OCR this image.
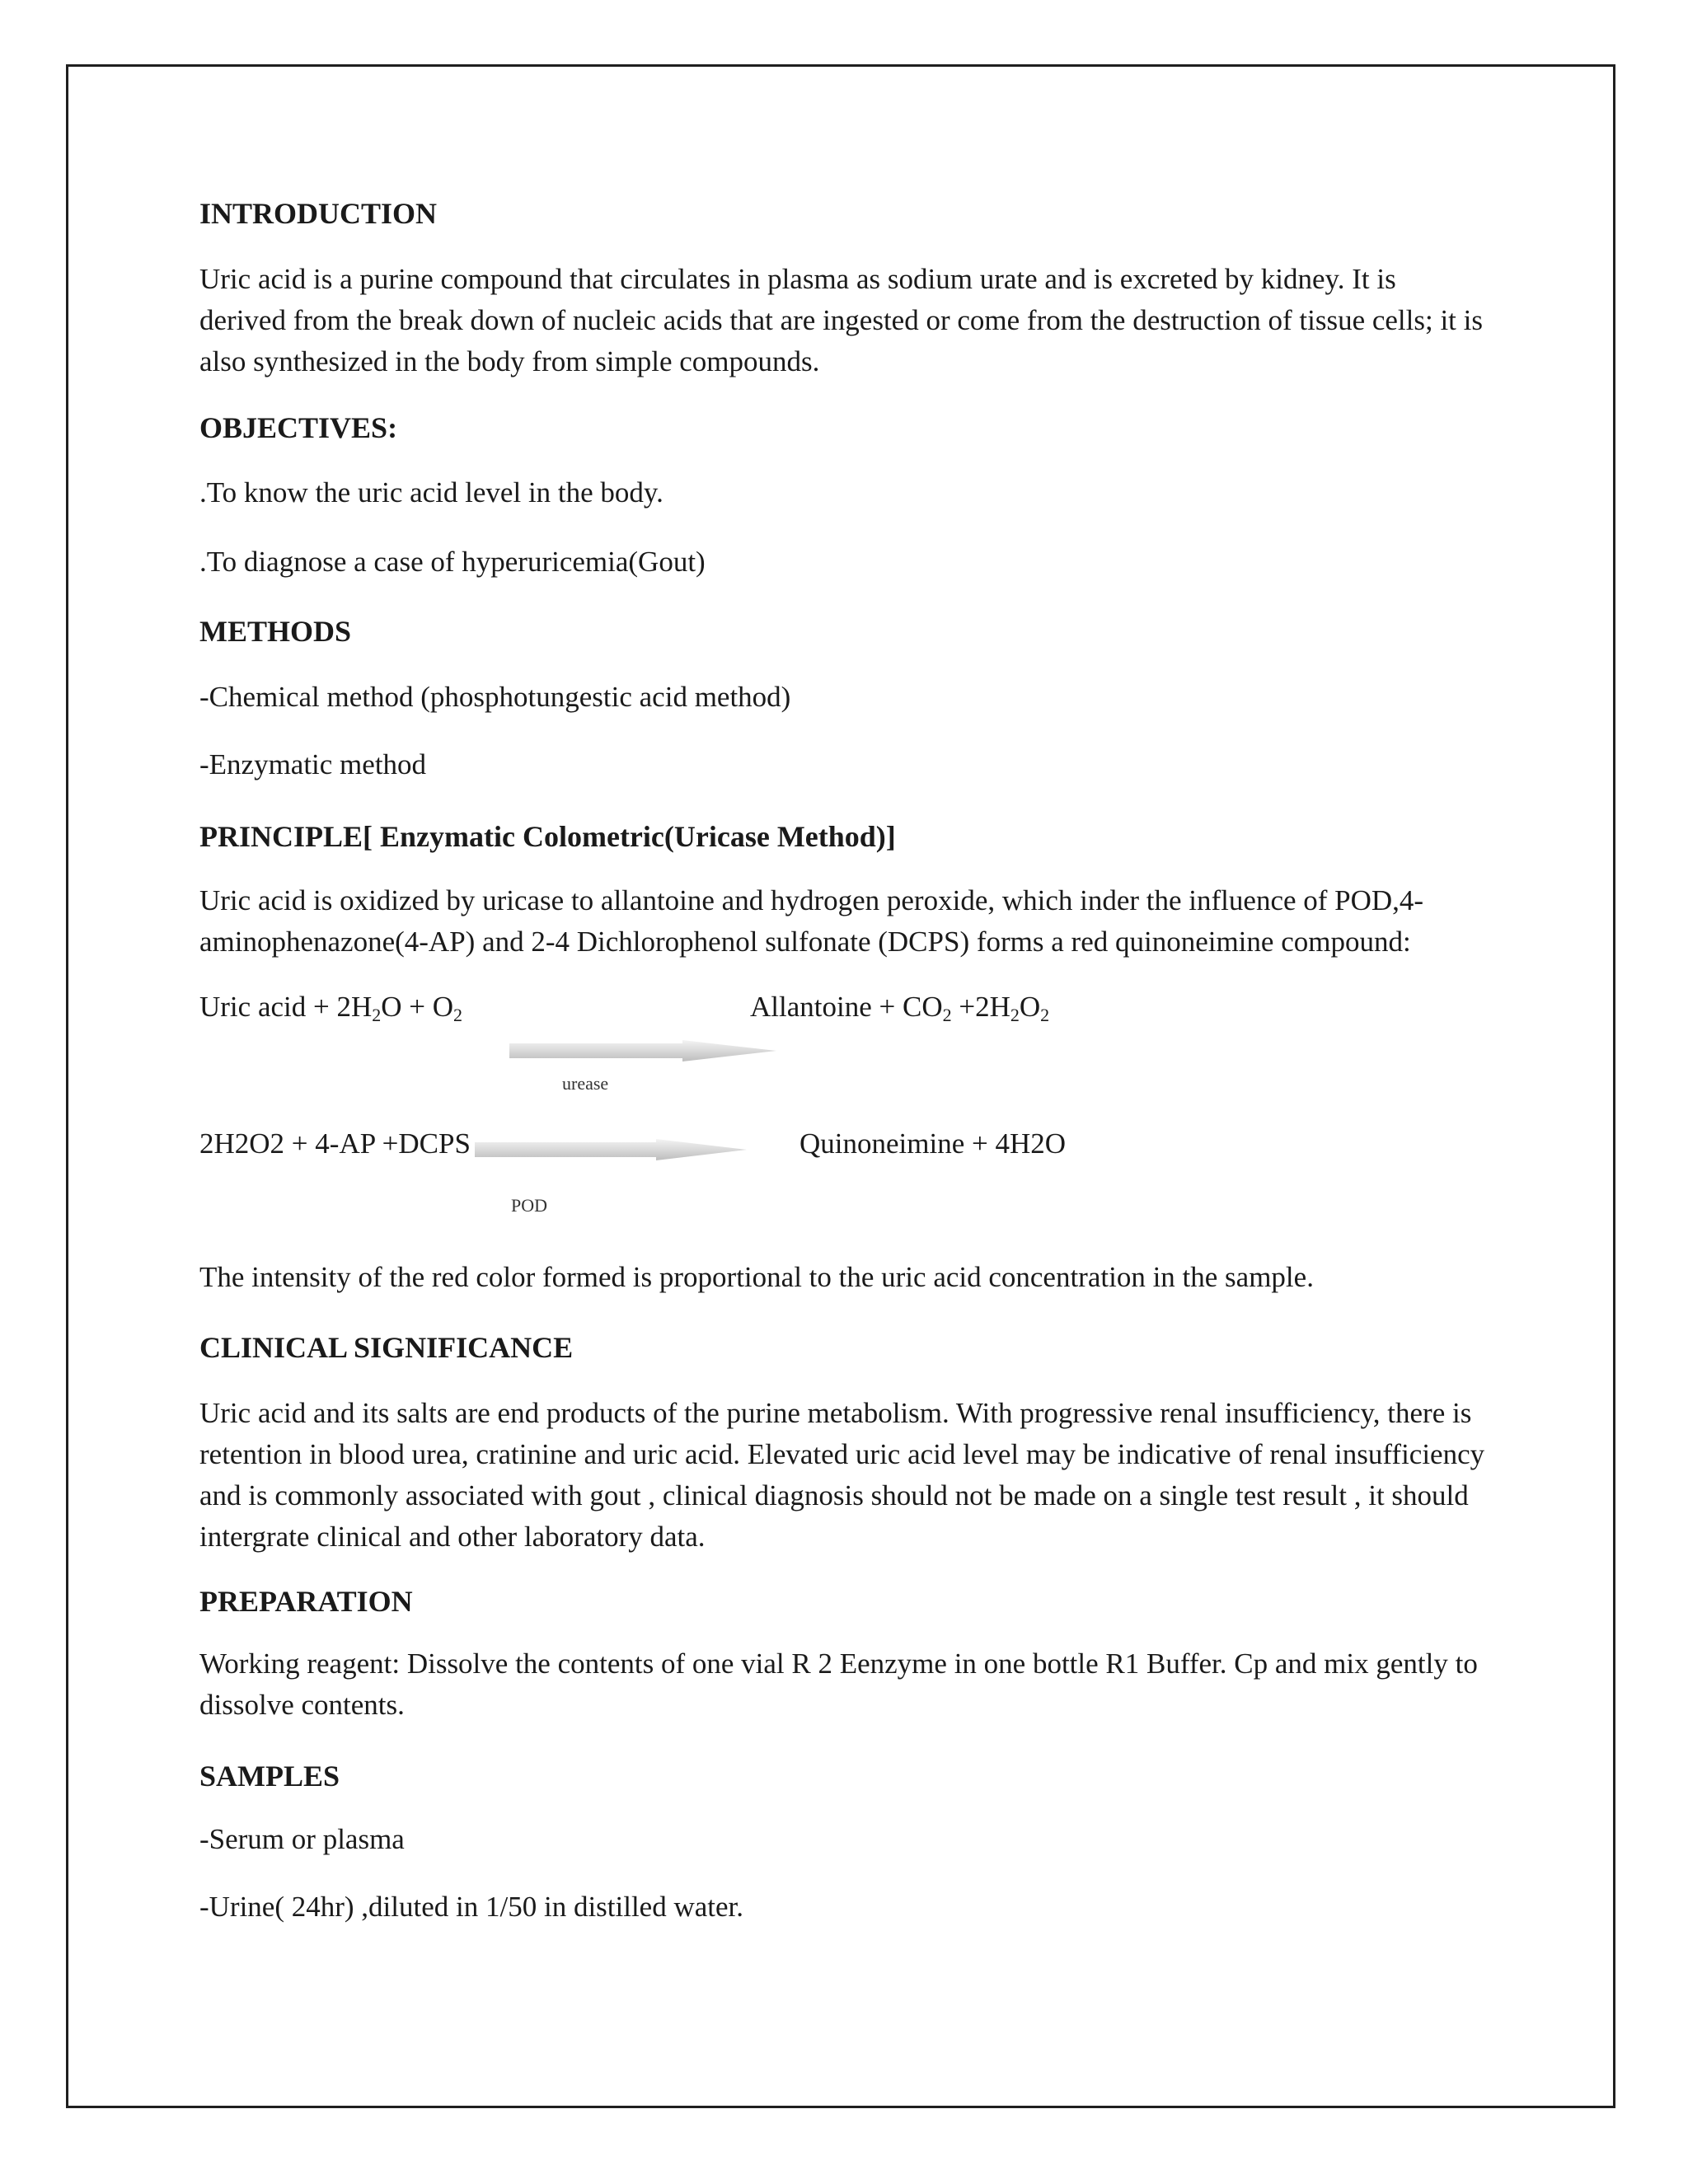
INTRODUCTION

Uric acid is a purine compound that circulates in plasma as sodium urate and is excreted by kidney. It is derived from the break down of nucleic acids that are ingested or come from the destruction of tissue cells; it is also synthesized in the body from simple compounds.

OBJECTIVES:

.To know the uric acid level in the body.

.To diagnose a case of hyperuricemia(Gout)

METHODS

-Chemical method (phosphotungestic acid method)

-Enzymatic method

PRINCIPLE[ Enzymatic Colometric(Uricase Method)]

Uric acid is oxidized by uricase to allantoine and hydrogen peroxide, which inder the influence of POD,4-aminophenazone(4-AP) and 2-4 Dichlorophenol sulfonate (DCPS) forms a red quinoneimine compound:

Uric acid + $2H_2O + O_2$	Allantoine + $CO_2 +2H_2O_2$
urease
2H2O2 + 4-AP +DCPS	Quinoneimine + 4H2O
POD

The intensity of the red color formed is proportional to the uric acid concentration in the sample.

CLINICAL SIGNIFICANCE

Uric acid and its salts are end products of the purine metabolism. With progressive renal insufficiency, there is retention in blood urea, cratinine and uric acid. Elevated uric acid level may be indicative of renal insufficiency and is commonly associated with gout , clinical diagnosis should not be made on a single test result , it should intergrate clinical and other laboratory data.

PREPARATION

Working reagent: Dissolve the contents of one vial R 2 Eenzyme in one bottle R1 Buffer. Cp and mix gently to dissolve contents.

SAMPLES

-Serum or plasma

-Urine( 24hr) ,diluted in 1/50 in distilled water.
